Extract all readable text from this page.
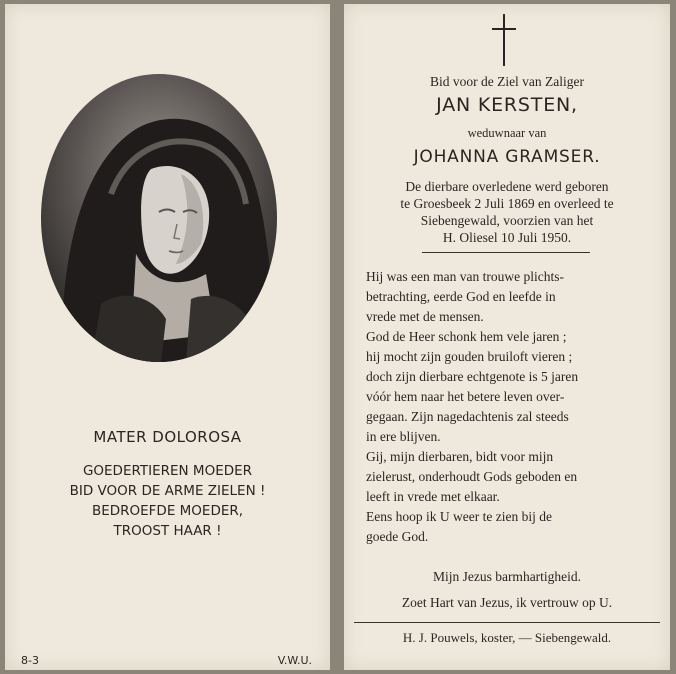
MATER DOLOROSA
GOEDERTIEREN MOEDER
BID VOOR DE ARME ZIELEN !
BEDROEFDE MOEDER,
TROOST HAAR !
8-3	V.W.U.
Bid voor de Ziel van Zaliger
JAN KERSTEN,
weduwnaar van
JOHANNA GRAMSER.
De dierbare overledene werd geboren
te Groesbeek 2 Juli 1869 en overleed te
Siebengewald, voorzien van het
H. Oliesel 10 Juli 1950.
Hij was een man van trouwe plichts-
betrachting, eerde God en leefde in
vrede met de mensen.
God de Heer schonk hem vele jaren ;
hij mocht zijn gouden bruiloft vieren ;
doch zijn dierbare echtgenote is 5 jaren
vóór hem naar het betere leven over-
gegaan. Zijn nagedachtenis zal steeds
in ere blijven.
Gij, mijn dierbaren, bidt voor mijn
zielerust, onderhoudt Gods geboden en
leeft in vrede met elkaar.
Eens hoop ik U weer te zien bij de
goede God.
Mijn Jezus barmhartigheid.
Zoet Hart van Jezus, ik vertrouw op U.
H. J. Pouwels, koster, — Siebengewald.
